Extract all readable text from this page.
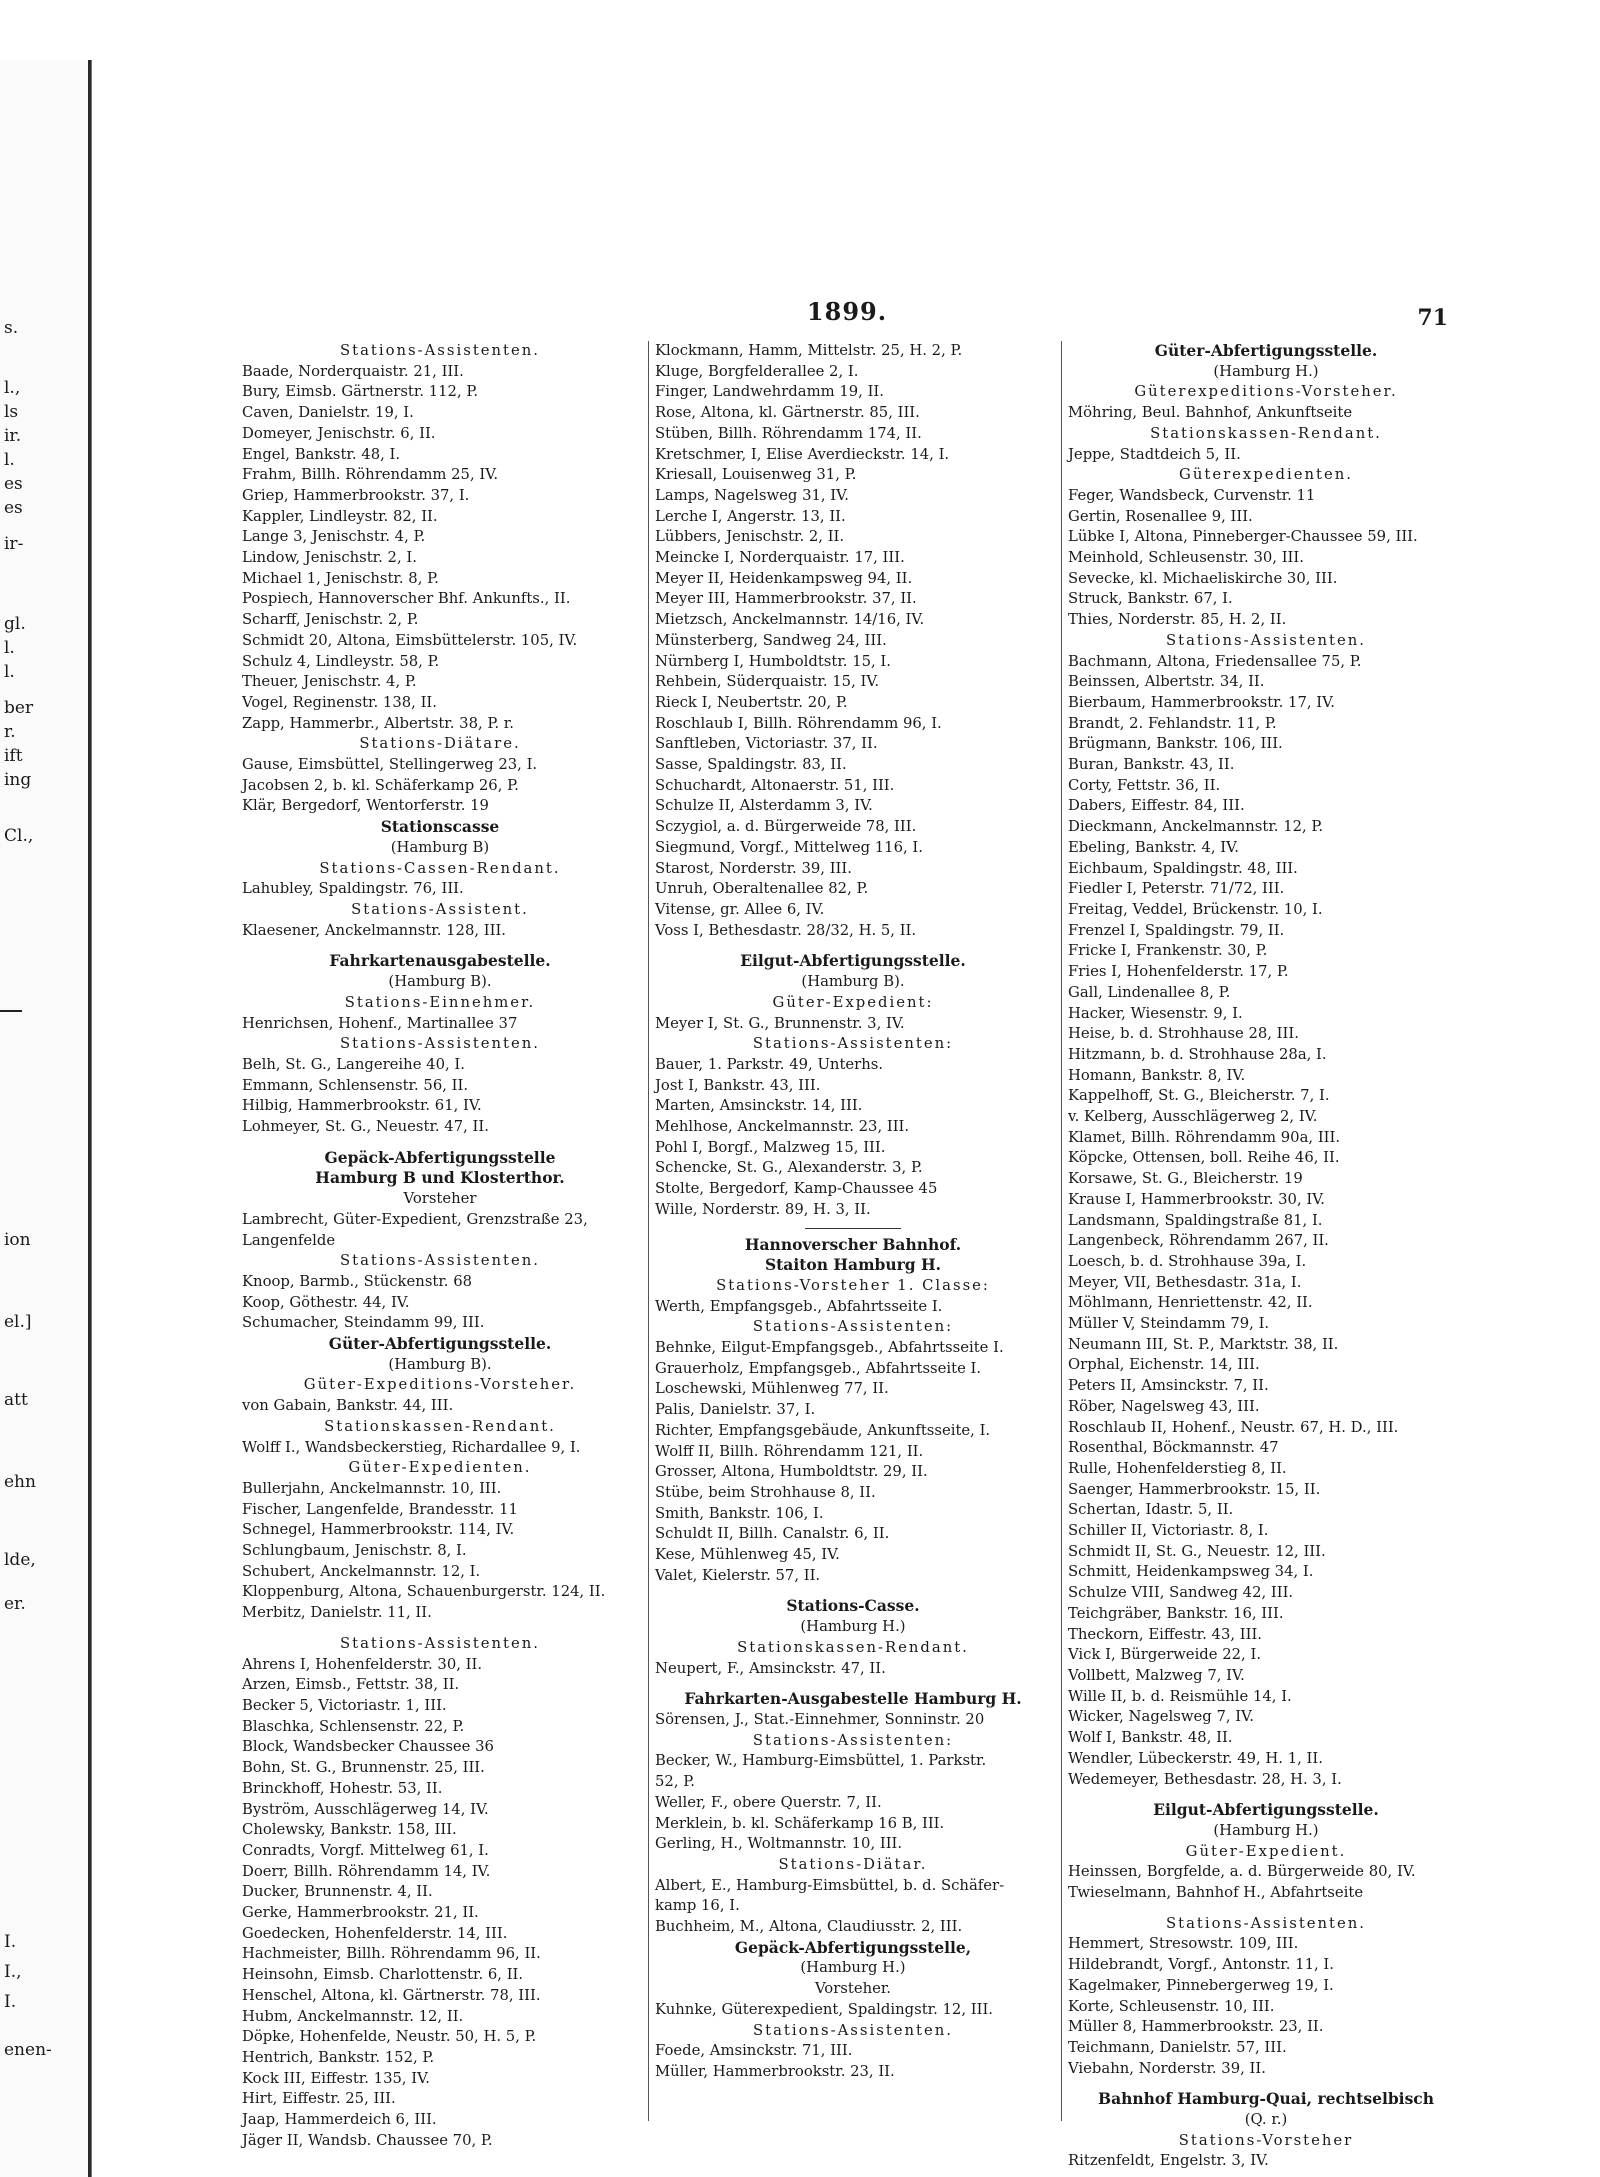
s.
l.,
ls
ir.
l.
es
es
ir-
gl.
l.
l.
ber
r.
ift
ing
Cl.,
ion
el.]
att
ehn
lde,
er.
I.
I.,
I.
enen-
1899.	71
Stations-Assistenten.
Baade, Norderquaistr. 21, III.
Bury, Eimsb. Gärtnerstr. 112, P.
Caven, Danielstr. 19, I.
Domeyer, Jenischstr. 6, II.
Engel, Bankstr. 48, I.
Frahm, Billh. Röhrendamm 25, IV.
Griep, Hammerbrookstr. 37, I.
Kappler, Lindleystr. 82, II.
Lange 3, Jenischstr. 4, P.
Lindow, Jenischstr. 2, I.
Michael 1, Jenischstr. 8, P.
Pospiech, Hannoverscher Bhf. Ankunfts., II.
Scharff, Jenischstr. 2, P.
Schmidt 20, Altona, Eimsbüttelerstr. 105, IV.
Schulz 4, Lindleystr. 58, P.
Theuer, Jenischstr. 4, P.
Vogel, Reginenstr. 138, II.
Zapp, Hammerbr., Albertstr. 38, P. r.
Stations-Diätare.
Gause, Eimsbüttel, Stellingerweg 23, I.
Jacobsen 2, b. kl. Schäferkamp 26, P.
Klär, Bergedorf, Wentorferstr. 19
Stationscasse
(Hamburg B)
Stations-Cassen-Rendant.
Lahubley, Spaldingstr. 76, III.
Stations-Assistent.
Klaesener, Anckelmannstr. 128, III.
Fahrkartenausgabestelle.
(Hamburg B).
Stations-Einnehmer.
Henrichsen, Hohenf., Martinallee 37
Stations-Assistenten.
Belh, St. G., Langereihe 40, I.
Emmann, Schlensenstr. 56, II.
Hilbig, Hammerbrookstr. 61, IV.
Lohmeyer, St. G., Neuestr. 47, II.
Gepäck-Abfertigungsstelle
Hamburg B und Klosterthor.
Vorsteher
Lambrecht, Güter-Expedient, Grenzstraße 23,
Langenfelde
Stations-Assistenten.
Knoop, Barmb., Stückenstr. 68
Koop, Göthestr. 44, IV.
Schumacher, Steindamm 99, III.
Güter-Abfertigungsstelle.
(Hamburg B).
Güter-Expeditions-Vorsteher.
von Gabain, Bankstr. 44, III.
Stationskassen-Rendant.
Wolff I., Wandsbeckerstieg, Richardallee 9, I.
Güter-Expedienten.
Bullerjahn, Anckelmannstr. 10, III.
Fischer, Langenfelde, Brandesstr. 11
Schnegel, Hammerbrookstr. 114, IV.
Schlungbaum, Jenischstr. 8, I.
Schubert, Anckelmannstr. 12, I.
Kloppenburg, Altona, Schauenburgerstr. 124, II.
Merbitz, Danielstr. 11, II.
Stations-Assistenten.
Ahrens I, Hohenfelderstr. 30, II.
Arzen, Eimsb., Fettstr. 38, II.
Becker 5, Victoriastr. 1, III.
Blaschka, Schlensenstr. 22, P.
Block, Wandsbecker Chaussee 36
Bohn, St. G., Brunnenstr. 25, III.
Brinckhoff, Hohestr. 53, II.
Byström, Ausschlägerweg 14, IV.
Cholewsky, Bankstr. 158, III.
Conradts, Vorgf. Mittelweg 61, I.
Doerr, Billh. Röhrendamm 14, IV.
Ducker, Brunnenstr. 4, II.
Gerke, Hammerbrookstr. 21, II.
Goedecken, Hohenfelderstr. 14, III.
Hachmeister, Billh. Röhrendamm 96, II.
Heinsohn, Eimsb. Charlottenstr. 6, II.
Henschel, Altona, kl. Gärtnerstr. 78, III.
Hubm, Anckelmannstr. 12, II.
Döpke, Hohenfelde, Neustr. 50, H. 5, P.
Hentrich, Bankstr. 152, P.
Kock III, Eiffestr. 135, IV.
Hirt, Eiffestr. 25, III.
Jaap, Hammerdeich 6, III.
Jäger II, Wandsb. Chaussee 70, P.
Klockmann, Hamm, Mittelstr. 25, H. 2, P.
Kluge, Borgfelderallee 2, I.
Finger, Landwehrdamm 19, II.
Rose, Altona, kl. Gärtnerstr. 85, III.
Stüben, Billh. Röhrendamm 174, II.
Kretschmer, I, Elise Averdieckstr. 14, I.
Kriesall, Louisenweg 31, P.
Lamps, Nagelsweg 31, IV.
Lerche I, Angerstr. 13, II.
Lübbers, Jenischstr. 2, II.
Meincke I, Norderquaistr. 17, III.
Meyer II, Heidenkampsweg 94, II.
Meyer III, Hammerbrookstr. 37, II.
Mietzsch, Anckelmannstr. 14/16, IV.
Münsterberg, Sandweg 24, III.
Nürnberg I, Humboldtstr. 15, I.
Rehbein, Süderquaistr. 15, IV.
Rieck I, Neubertstr. 20, P.
Roschlaub I, Billh. Röhrendamm 96, I.
Sanftleben, Victoriastr. 37, II.
Sasse, Spaldingstr. 83, II.
Schuchardt, Altonaerstr. 51, III.
Schulze II, Alsterdamm 3, IV.
Sczygiol, a. d. Bürgerweide 78, III.
Siegmund, Vorgf., Mittelweg 116, I.
Starost, Norderstr. 39, III.
Unruh, Oberaltenallee 82, P.
Vitense, gr. Allee 6, IV.
Voss I, Bethesdastr. 28/32, H. 5, II.
Eilgut-Abfertigungsstelle.
(Hamburg B).
Güter-Expedient:
Meyer I, St. G., Brunnenstr. 3, IV.
Stations-Assistenten:
Bauer, 1. Parkstr. 49, Unterhs.
Jost I, Bankstr. 43, III.
Marten, Amsinckstr. 14, III.
Mehlhose, Anckelmannstr. 23, III.
Pohl I, Borgf., Malzweg 15, III.
Schencke, St. G., Alexanderstr. 3, P.
Stolte, Bergedorf, Kamp-Chaussee 45
Wille, Norderstr. 89, H. 3, II.
Hannoverscher Bahnhof.
Staiton Hamburg H.
Stations-Vorsteher 1. Classe:
Werth, Empfangsgeb., Abfahrtsseite I.
Stations-Assistenten:
Behnke, Eilgut-Empfangsgeb., Abfahrtsseite I.
Grauerholz, Empfangsgeb., Abfahrtsseite I.
Loschewski, Mühlenweg 77, II.
Palis, Danielstr. 37, I.
Richter, Empfangsgebäude, Ankunftsseite, I.
Wolff II, Billh. Röhrendamm 121, II.
Grosser, Altona, Humboldtstr. 29, II.
Stübe, beim Strohhause 8, II.
Smith, Bankstr. 106, I.
Schuldt II, Billh. Canalstr. 6, II.
Kese, Mühlenweg 45, IV.
Valet, Kielerstr. 57, II.
Stations-Casse.
(Hamburg H.)
Stationskassen-Rendant.
Neupert, F., Amsinckstr. 47, II.
Fahrkarten-Ausgabestelle Hamburg H.
Sörensen, J., Stat.-Einnehmer, Sonninstr. 20
Stations-Assistenten:
Becker, W., Hamburg-Eimsbüttel, 1. Parkstr.
52, P.
Weller, F., obere Querstr. 7, II.
Merklein, b. kl. Schäferkamp 16 B, III.
Gerling, H., Woltmannstr. 10, III.
Stations-Diätar.
Albert, E., Hamburg-Eimsbüttel, b. d. Schäfer-
kamp 16, I.
Buchheim, M., Altona, Claudiusstr. 2, III.
Gepäck-Abfertigungsstelle,
(Hamburg H.)
Vorsteher.
Kuhnke, Güterexpedient, Spaldingstr. 12, III.
Stations-Assistenten.
Foede, Amsinckstr. 71, III.
Müller, Hammerbrookstr. 23, II.
Güter-Abfertigungsstelle.
(Hamburg H.)
Güterexpeditions-Vorsteher.
Möhring, Beul. Bahnhof, Ankunftseite
Stationskassen-Rendant.
Jeppe, Stadtdeich 5, II.
Güterexpedienten.
Feger, Wandsbeck, Curvenstr. 11
Gertin, Rosenallee 9, III.
Lübke I, Altona, Pinneberger-Chaussee 59, III.
Meinhold, Schleusenstr. 30, III.
Sevecke, kl. Michaeliskirche 30, III.
Struck, Bankstr. 67, I.
Thies, Norderstr. 85, H. 2, II.
Stations-Assistenten.
Bachmann, Altona, Friedensallee 75, P.
Beinssen, Albertstr. 34, II.
Bierbaum, Hammerbrookstr. 17, IV.
Brandt, 2. Fehlandstr. 11, P.
Brügmann, Bankstr. 106, III.
Buran, Bankstr. 43, II.
Corty, Fettstr. 36, II.
Dabers, Eiffestr. 84, III.
Dieckmann, Anckelmannstr. 12, P.
Ebeling, Bankstr. 4, IV.
Eichbaum, Spaldingstr. 48, III.
Fiedler I, Peterstr. 71/72, III.
Freitag, Veddel, Brückenstr. 10, I.
Frenzel I, Spaldingstr. 79, II.
Fricke I, Frankenstr. 30, P.
Fries I, Hohenfelderstr. 17, P.
Gall, Lindenallee 8, P.
Hacker, Wiesenstr. 9, I.
Heise, b. d. Strohhause 28, III.
Hitzmann, b. d. Strohhause 28a, I.
Homann, Bankstr. 8, IV.
Kappelhoff, St. G., Bleicherstr. 7, I.
v. Kelberg, Ausschlägerweg 2, IV.
Klamet, Billh. Röhrendamm 90a, III.
Köpcke, Ottensen, boll. Reihe 46, II.
Korsawe, St. G., Bleicherstr. 19
Krause I, Hammerbrookstr. 30, IV.
Landsmann, Spaldingstraße 81, I.
Langenbeck, Röhrendamm 267, II.
Loesch, b. d. Strohhause 39a, I.
Meyer, VII, Bethesdastr. 31a, I.
Möhlmann, Henriettenstr. 42, II.
Müller V, Steindamm 79, I.
Neumann III, St. P., Marktstr. 38, II.
Orphal, Eichenstr. 14, III.
Peters II, Amsinckstr. 7, II.
Röber, Nagelsweg 43, III.
Roschlaub II, Hohenf., Neustr. 67, H. D., III.
Rosenthal, Böckmannstr. 47
Rulle, Hohenfelderstieg 8, II.
Saenger, Hammerbrookstr. 15, II.
Schertan, Idastr. 5, II.
Schiller II, Victoriastr. 8, I.
Schmidt II, St. G., Neuestr. 12, III.
Schmitt, Heidenkampsweg 34, I.
Schulze VIII, Sandweg 42, III.
Teichgräber, Bankstr. 16, III.
Theckorn, Eiffestr. 43, III.
Vick I, Bürgerweide 22, I.
Vollbett, Malzweg 7, IV.
Wille II, b. d. Reismühle 14, I.
Wicker, Nagelsweg 7, IV.
Wolf I, Bankstr. 48, II.
Wendler, Lübeckerstr. 49, H. 1, II.
Wedemeyer, Bethesdastr. 28, H. 3, I.
Eilgut-Abfertigungsstelle.
(Hamburg H.)
Güter-Expedient.
Heinssen, Borgfelde, a. d. Bürgerweide 80, IV.
Twieselmann, Bahnhof H., Abfahrtseite
Stations-Assistenten.
Hemmert, Stresowstr. 109, III.
Hildebrandt, Vorgf., Antonstr. 11, I.
Kagelmaker, Pinnebergerweg 19, I.
Korte, Schleusenstr. 10, III.
Müller 8, Hammerbrookstr. 23, II.
Teichmann, Danielstr. 57, III.
Viebahn, Norderstr. 39, II.
Bahnhof Hamburg-Quai, rechtselbisch
(Q. r.)
Stations-Vorsteher
Ritzenfeldt, Engelstr. 3, IV.
